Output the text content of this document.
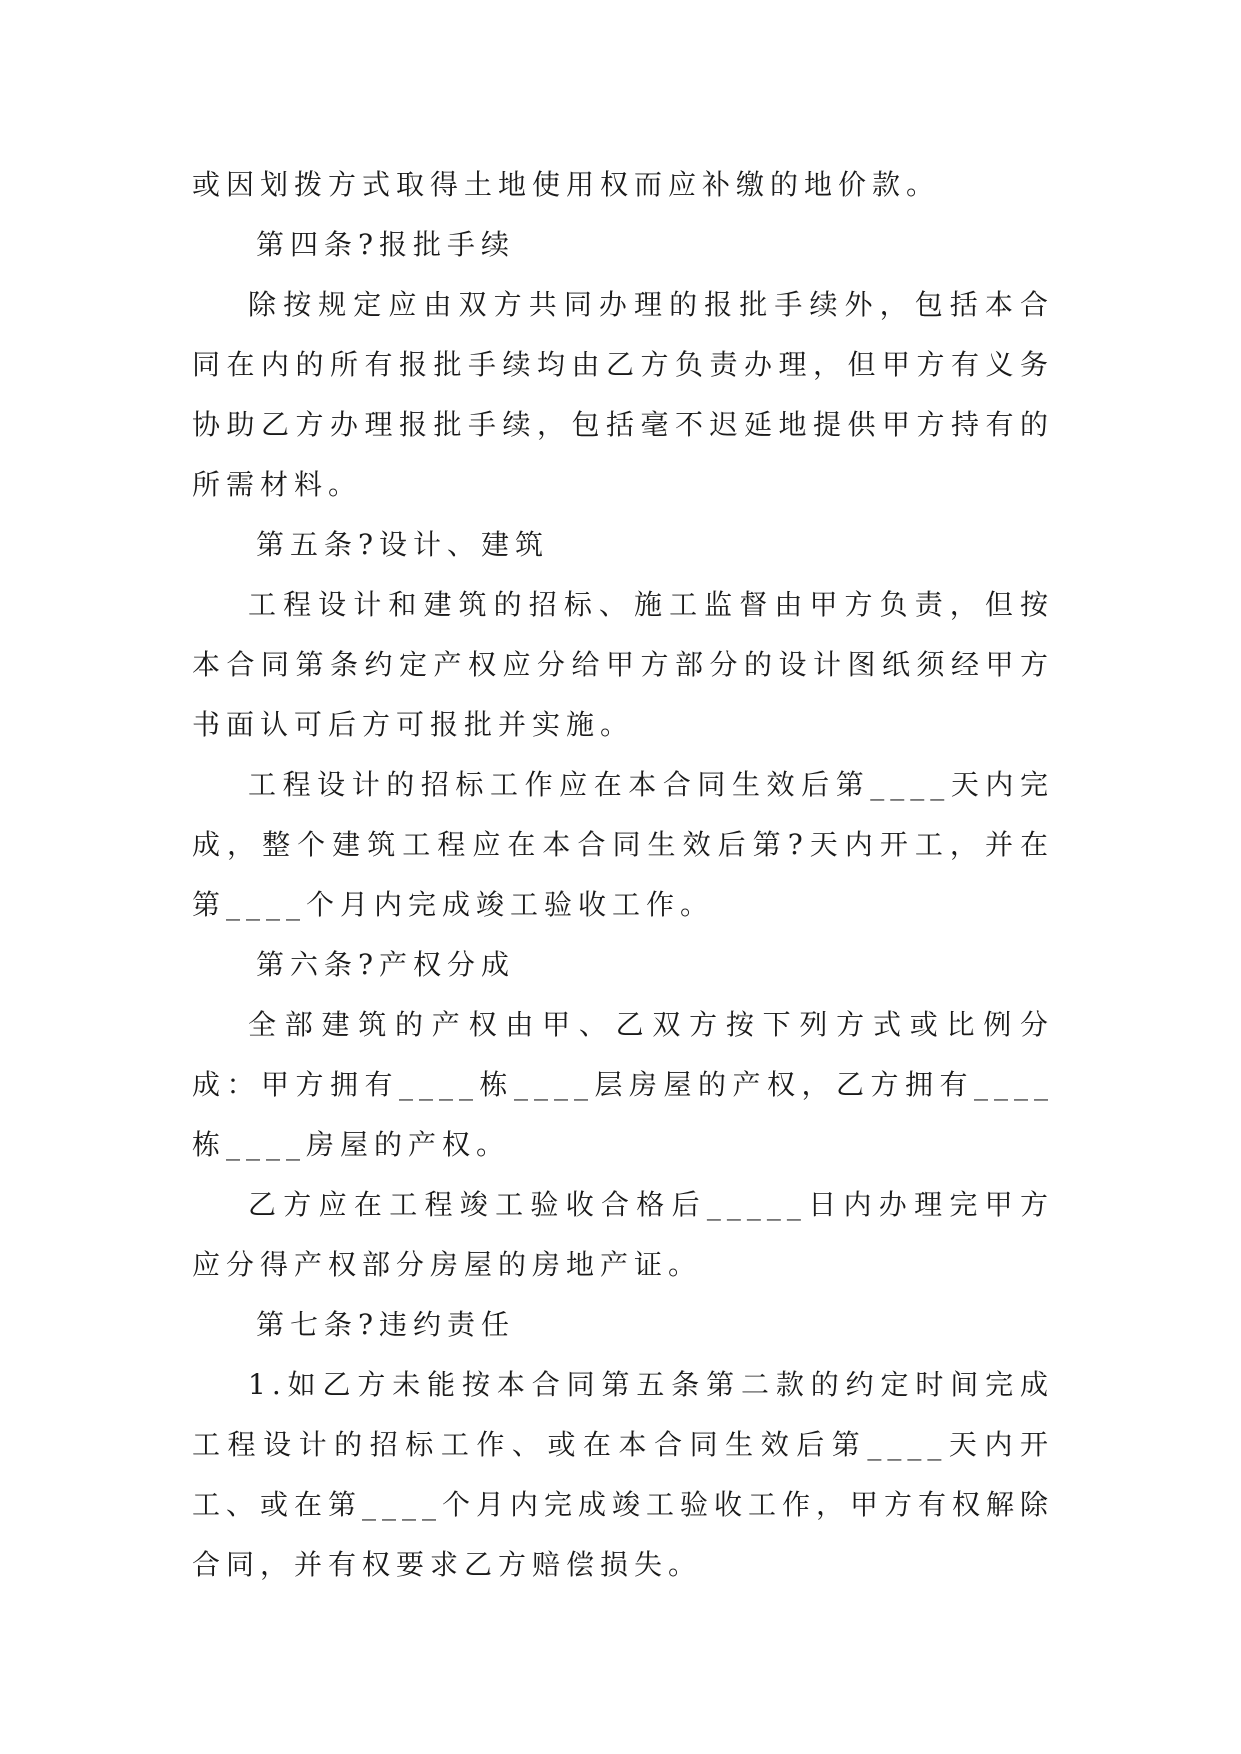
或因划拨方式取得土地使用权而应补缴的地价款。

第四条?报批手续

除按规定应由双方共同办理的报批手续外，包括本合同在内的所有报批手续均由乙方负责办理，但甲方有义务协助乙方办理报批手续，包括毫不迟延地提供甲方持有的所需材料。

第五条?设计、建筑

工程设计和建筑的招标、施工监督由甲方负责，但按本合同第条约定产权应分给甲方部分的设计图纸须经甲方书面认可后方可报批并实施。

工程设计的招标工作应在本合同生效后第____天内完成，整个建筑工程应在本合同生效后第?天内开工，并在第____个月内完成竣工验收工作。

第六条?产权分成

全部建筑的产权由甲、乙双方按下列方式或比例分成：甲方拥有____栋____层房屋的产权，乙方拥有____栋____房屋的产权。

乙方应在工程竣工验收合格后_____日内办理完甲方应分得产权部分房屋的房地产证。

第七条?违约责任

1.如乙方未能按本合同第五条第二款的约定时间完成工程设计的招标工作、或在本合同生效后第____天内开工、或在第____个月内完成竣工验收工作，甲方有权解除合同，并有权要求乙方赔偿损失。
